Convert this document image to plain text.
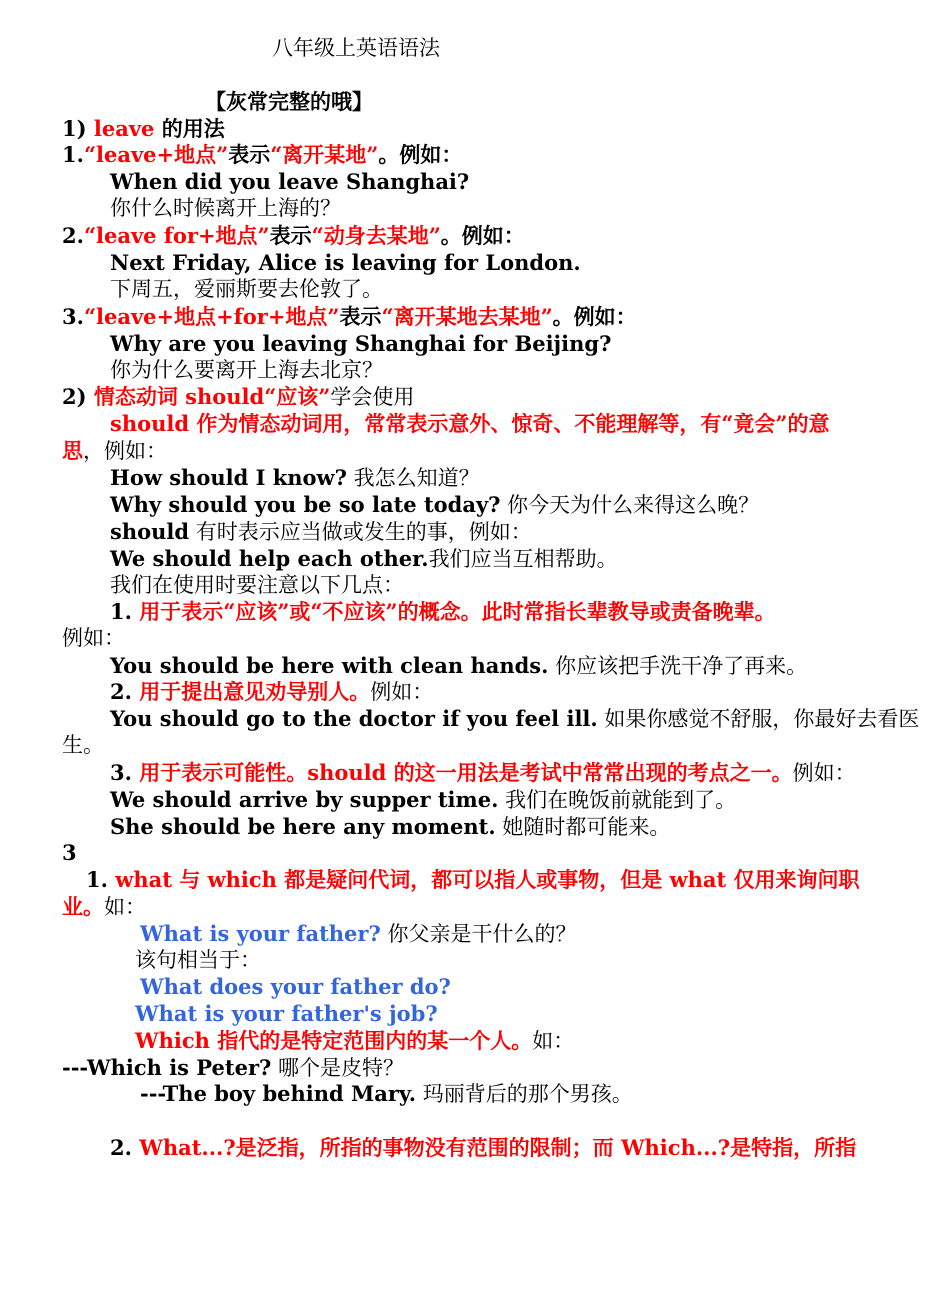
八年级上英语语法
【灰常完整的哦】
1) leave 的用法
1.“leave+地点”表示“离开某地”。例如：
When did you leave Shanghai?
你什么时候离开上海的？
2.“leave for+地点”表示“动身去某地”。例如：
Next Friday, Alice is leaving for London.
下周五，爱丽斯要去伦敦了。
3.“leave+地点+for+地点”表示“离开某地去某地”。例如：
Why are you leaving Shanghai for Beijing?
你为什么要离开上海去北京？
2) 情态动词 should“应该”学会使用
should 作为情态动词用，常常表示意外、惊奇、不能理解等，有“竟会”的意
思，例如：
How should I know? 我怎么知道？
Why should you be so late today? 你今天为什么来得这么晚？
should 有时表示应当做或发生的事，例如：
We should help each other.我们应当互相帮助。
我们在使用时要注意以下几点：
1. 用于表示“应该”或“不应该”的概念。此时常指长辈教导或责备晚辈。
例如：
You should be here with clean hands. 你应该把手洗干净了再来。
2. 用于提出意见劝导别人。例如：
You should go to the doctor if you feel ill. 如果你感觉不舒服，你最好去看医
生。
3. 用于表示可能性。should 的这一用法是考试中常常出现的考点之一。例如：
We should arrive by supper time. 我们在晚饭前就能到了。
She should be here any moment. 她随时都可能来。
3
1. what 与 which 都是疑问代词，都可以指人或事物，但是 what 仅用来询问职
业。如：
What is your father? 你父亲是干什么的？
该句相当于：
What does your father do?
What is your father's job?
Which 指代的是特定范围内的某一个人。如：
---Which is Peter? 哪个是皮特？
---The boy behind Mary. 玛丽背后的那个男孩。
2. What...?是泛指，所指的事物没有范围的限制；而 Which...?是特指，所指
